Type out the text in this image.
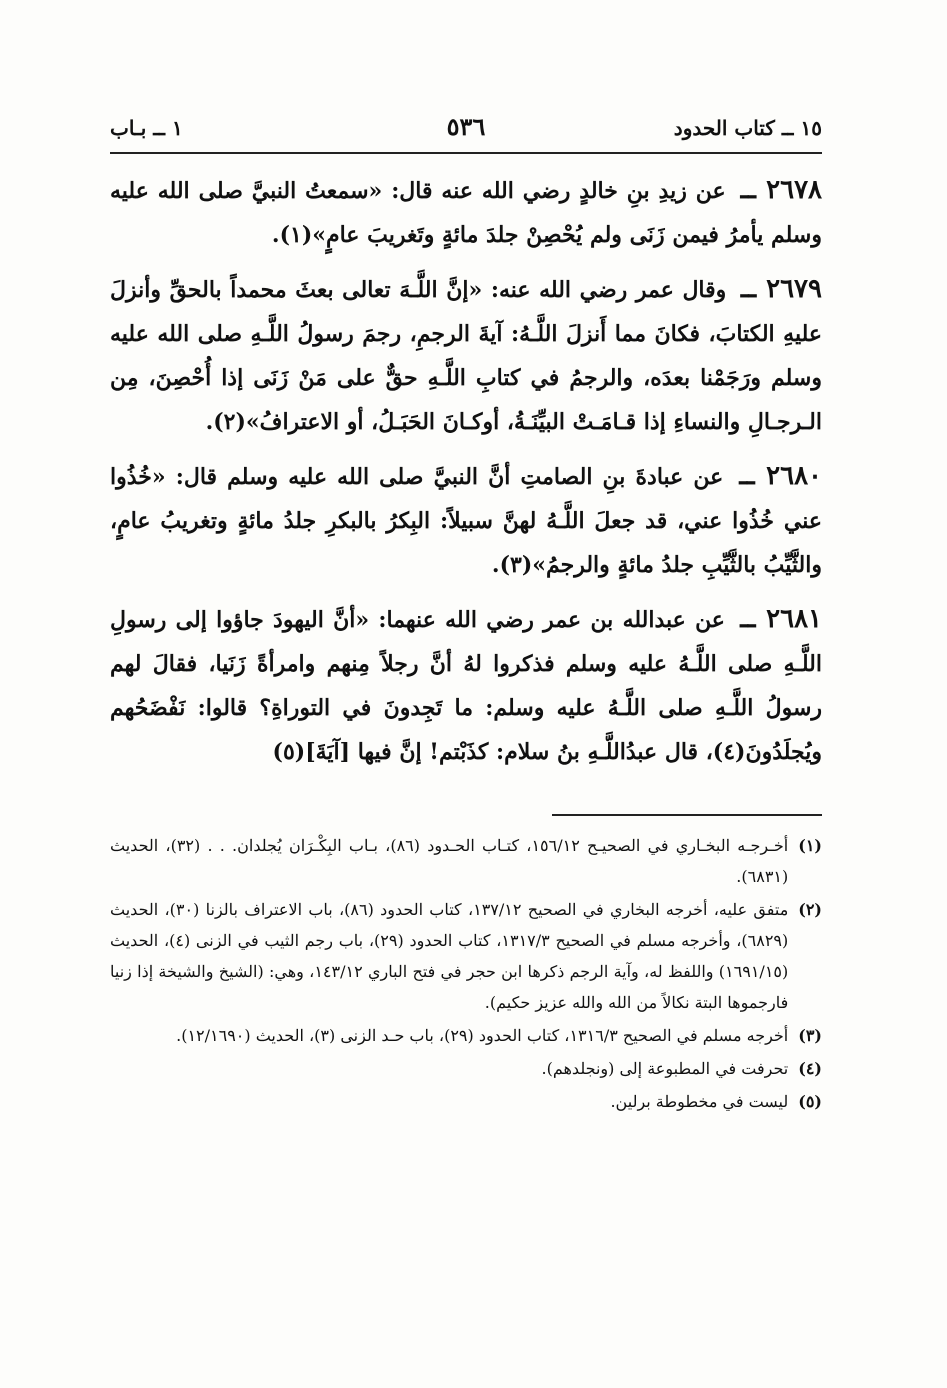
١٥ ــ كتاب الحدود
٥٣٦
١ ــ بـاب

٢٦٧٨ ــ عن زيدِ بنِ خالدٍ رضي الله عنه قال: «سمعتُ النبيَّ صلى الله عليه وسلم يأمرُ فيمن زَنَى ولم يُحْصِنْ جلدَ مائةٍ وتَغريبَ عامٍ»(١).

٢٦٧٩ ــ وقال عمر رضي الله عنه: «إنَّ اللَّـهَ تعالى بعثَ محمداً بالحقِّ وأنزلَ عليهِ الكتابَ، فكانَ مما أَنزلَ اللَّـهُ: آيةَ الرجمِ، رجمَ رسولُ اللَّـهِ صلى الله عليه وسلم ورَجَمْنا بعدَه، والرجمُ في كتابِ اللَّـهِ حقٌّ على مَنْ زَنَى إذا أُحْصِنَ، مِن الـرجـالِ والنساءِ إذا قـامَـتْ البيِّنَـةُ، أوكـانَ الحَبَـلُ، أو الاعترافُ»(٢).

٢٦٨٠ ــ عن عبادةَ بنِ الصامتِ أنَّ النبيَّ صلى الله عليه وسلم قال: «خُذُوا عني خُذُوا عني، قد جعلَ اللَّـهُ لهنَّ سبيلاً: البِكرُ بالبكرِ جلدُ مائةٍ وتغريبُ عامٍ، والثَّيِّبُ بالثَّيِّبِ جلدُ مائةٍ والرجمُ»(٣).

٢٦٨١ ــ عن عبدالله بن عمر رضي الله عنهما: «أنَّ اليهودَ جاؤوا إلى رسولِ اللَّـهِ صلى اللَّـهُ عليه وسلم فذكروا لهُ أنَّ رجلاً مِنهم وامرأةً زَنَيا، فقالَ لهم رسولُ اللَّـهِ صلى اللَّـهُ عليه وسلم: ما تَجِدونَ في التوراةِ؟ قالوا: نَفْضَحُهم ويُجلَدُونَ(٤)، قال عبدُاللَّـهِ بنُ سلام: كذَبْتم! إنَّ فيها [آيَةَ](٥)

(١)
أخـرجـه البخـاري في الصحيـح ١٥٦/١٢، كتـاب الحـدود (٨٦)، بـاب البِكْـرَان يُجلدان. . . (٣٢)، الحديث (٦٨٣١).
(٢)
متفق عليه، أخرجه البخاري في الصحيح ١٣٧/١٢، كتاب الحدود (٨٦)، باب الاعتراف بالزنا (٣٠)، الحديث (٦٨٢٩)، وأخرجه مسلم في الصحيح ١٣١٧/٣، كتاب الحدود (٢٩)، باب رجم الثيب في الزنى (٤)، الحديث (١٦٩١/١٥) واللفظ له، وآية الرجم ذكرها ابن حجر في فتح الباري ١٤٣/١٢، وهي: (الشيخ والشيخة إذا زنيا فارجموها البتة نكالاً من الله والله عزيز حكيم).
(٣)
أخرجه مسلم في الصحيح ١٣١٦/٣، كتاب الحدود (٢٩)، باب حـد الزنى (٣)، الحديث (١٢/١٦٩٠).
(٤)
تحرفت في المطبوعة إلى (ونجلدهم).
(٥)
ليست في مخطوطة برلين.
